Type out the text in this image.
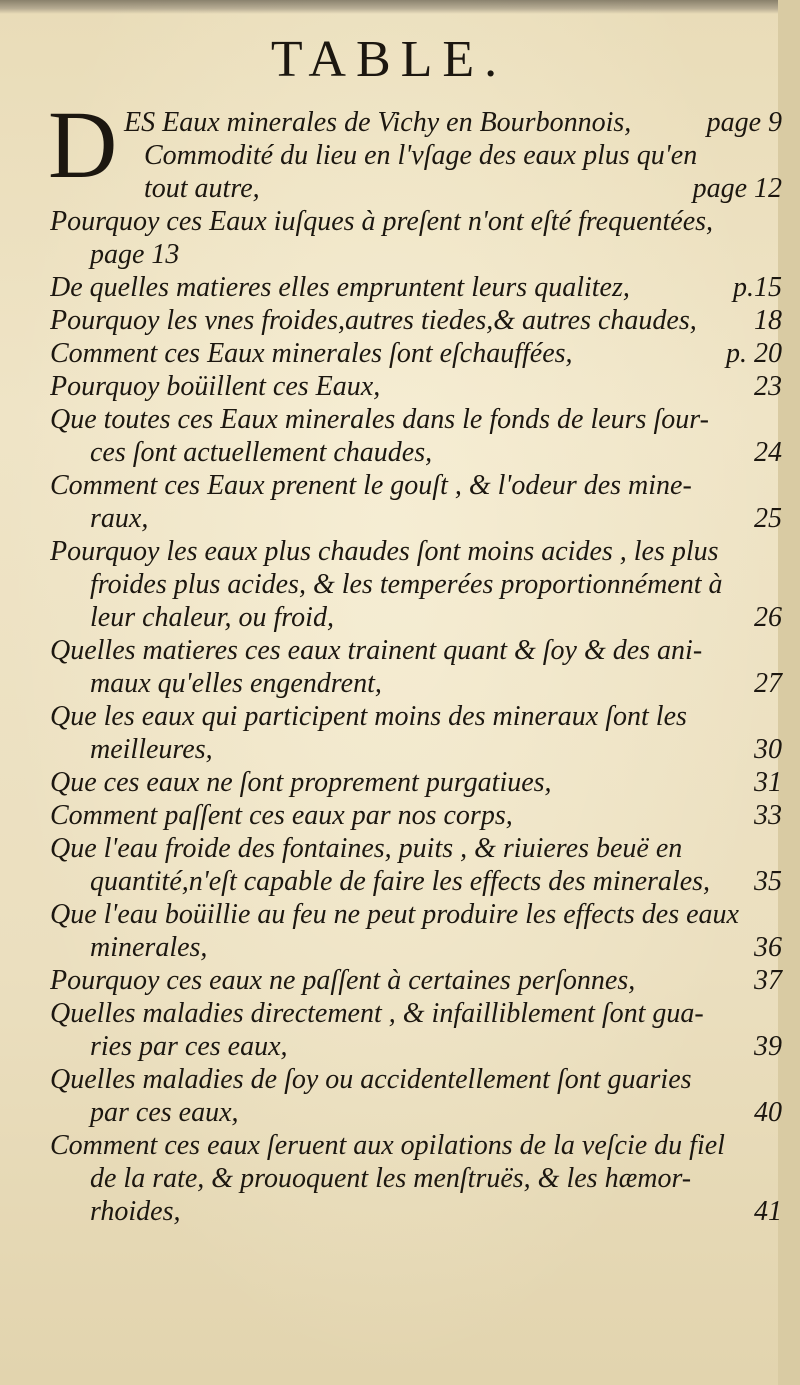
TABLE.
D	page 9
ES Eaux minerales de Vichy en Bourbonnois,
Commodité du lieu en l'vſage des eaux plus qu'en
page 12
tout autre,
Pourquoy ces Eaux iuſques à preſent n'ont eſté frequentées,
page 13
p.15
De quelles matieres elles empruntent leurs qualitez,
18
Pourquoy les vnes froides,autres tiedes,& autres chaudes,
p. 20
Comment ces Eaux minerales ſont eſchauffées,
23
Pourquoy boüillent ces Eaux,
Que toutes ces Eaux minerales dans le fonds de leurs ſour-
24
ces ſont actuellement chaudes,
Comment ces Eaux prenent le gouſt , & l'odeur des mine-
25
raux,
Pourquoy les eaux plus chaudes ſont moins acides , les plus
froides plus acides, & les temperées proportionnément à
26
leur chaleur, ou froid,
Quelles matieres ces eaux trainent quant & ſoy & des ani-
27
maux qu'elles engendrent,
Que les eaux qui participent moins des mineraux ſont les
30
meilleures,
31
Que ces eaux ne ſont proprement purgatiues,
33
Comment paſſent ces eaux par nos corps,
Que l'eau froide des fontaines, puits , & riuieres beuë en
35
quantité,n'eſt capable de faire les effects des minerales,
Que l'eau boüillie au feu ne peut produire les effects des eaux
36
minerales,
37
Pourquoy ces eaux ne paſſent à certaines perſonnes,
Quelles maladies directement , & infailliblement ſont gua-
39
ries par ces eaux,
Quelles maladies de ſoy ou accidentellement ſont guaries
40
par ces eaux,
Comment ces eaux ſeruent aux opilations de la veſcie du fiel
de la rate, & prouoquent les menſtruës, & les hæmor-
41
rhoides,
